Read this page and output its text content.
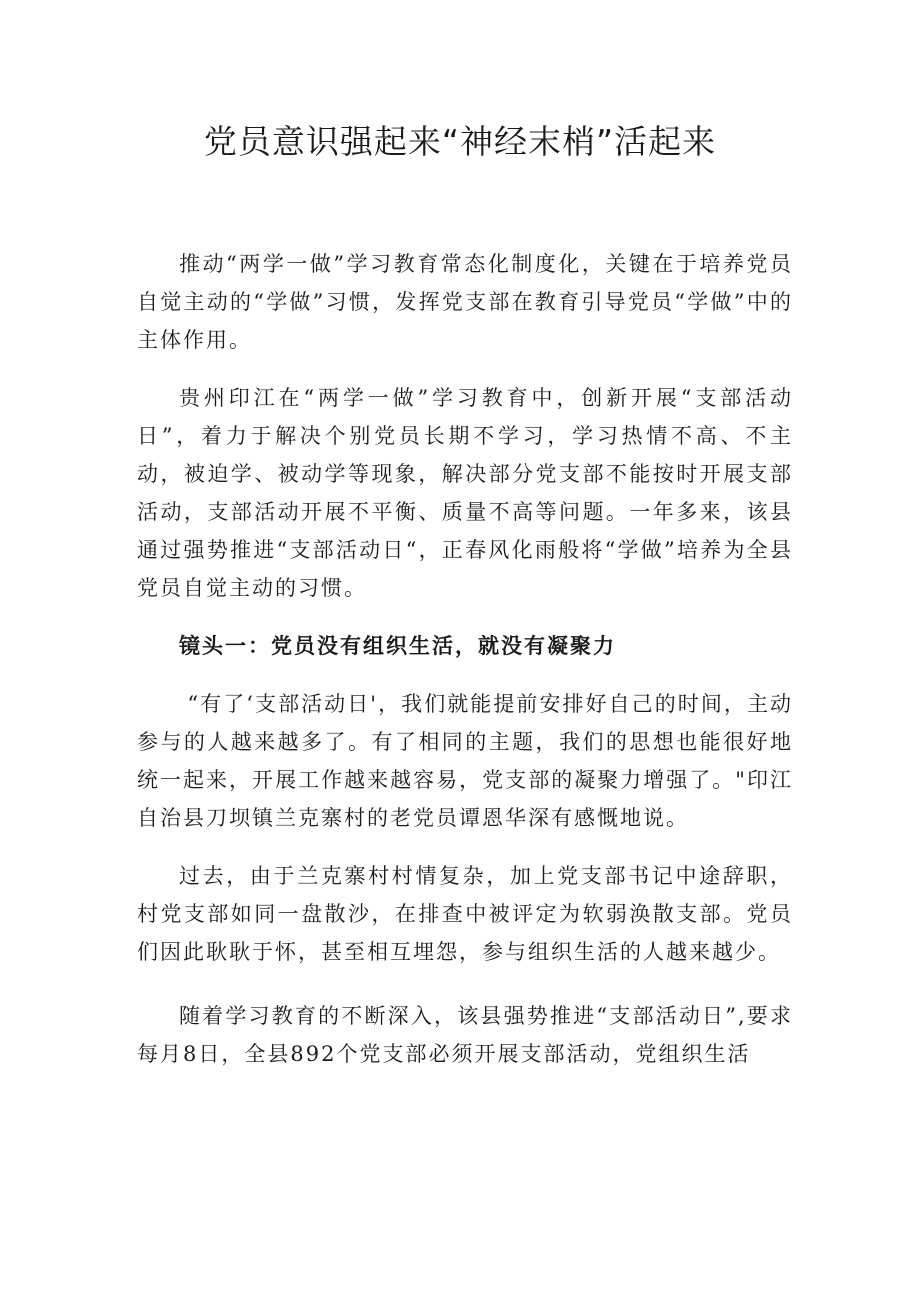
党员意识强起来“神经末梢”活起来

推动“两学一做”学习教育常态化制度化，关键在于培养党员自觉主动的“学做”习惯，发挥党支部在教育引导党员“学做”中的主体作用。

贵州印江在“两学一做”学习教育中，创新开展“支部活动日”，着力于解决个别党员长期不学习，学习热情不高、不主动，被迫学、被动学等现象，解决部分党支部不能按时开展支部活动，支部活动开展不平衡、质量不高等问题。一年多来，该县通过强势推进“支部活动日“，正春风化雨般将“学做”培养为全县党员自觉主动的习惯。

镜头一：党员没有组织生活，就没有凝聚力

“有了‘支部活动日'，我们就能提前安排好自己的时间，主动参与的人越来越多了。有了相同的主题，我们的思想也能很好地统一起来，开展工作越来越容易，党支部的凝聚力增强了。"印江自治县刀坝镇兰克寨村的老党员谭恩华深有感慨地说。

过去，由于兰克寨村村情复杂，加上党支部书记中途辞职，村党支部如同一盘散沙，在排查中被评定为软弱涣散支部。党员们因此耿耿于怀，甚至相互埋怨，参与组织生活的人越来越少。

随着学习教育的不断深入，该县强势推进“支部活动日”,要求每月8日，全县892个党支部必须开展支部活动，党组织生活
